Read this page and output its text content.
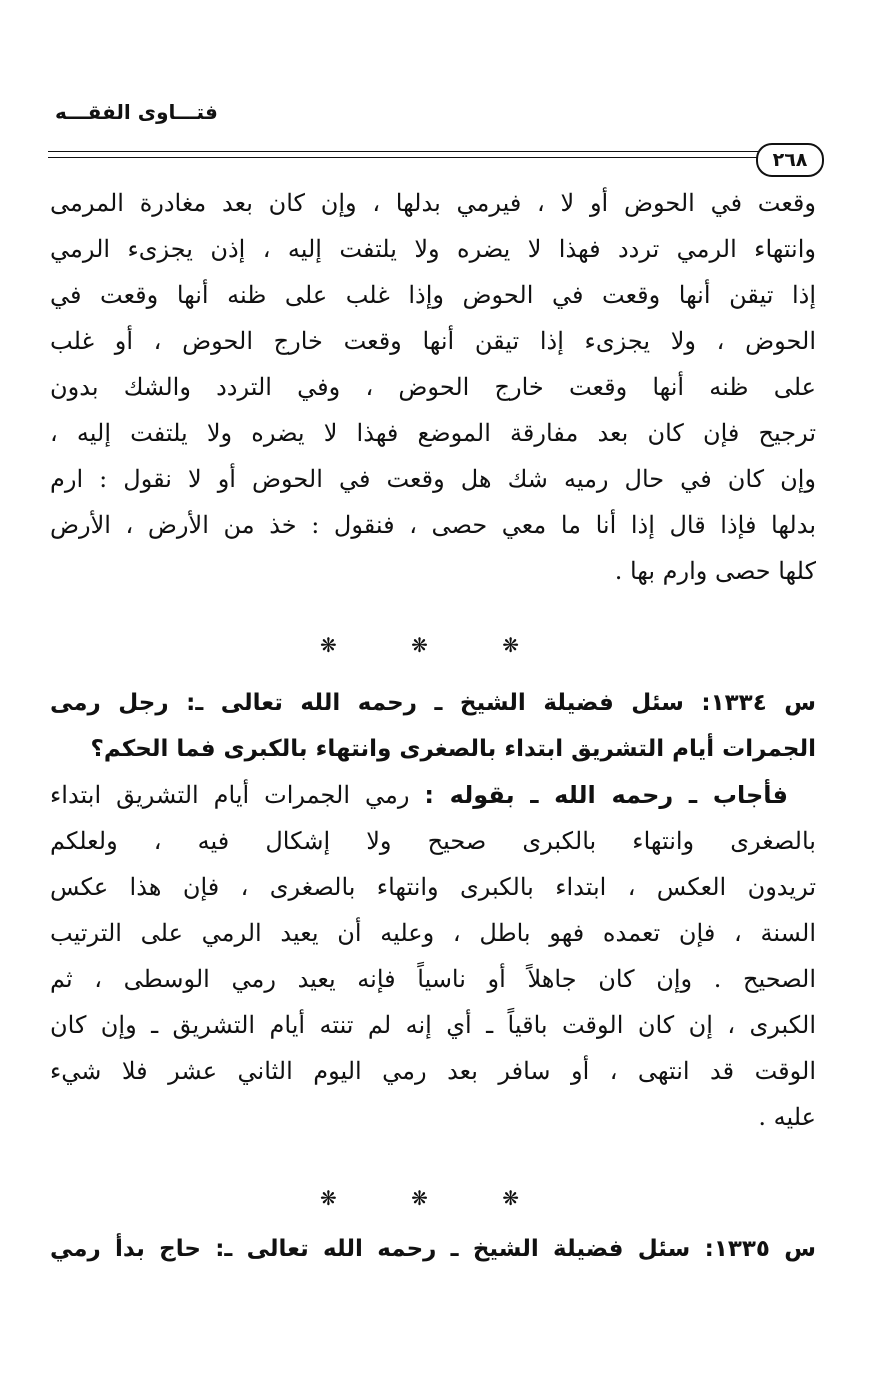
فتـــاوى الفقـــه
٢٦٨
وقعت في الحوض أو لا ، فيرمي بدلها ، وإن كان بعد مغادرة المرمى
وانتهاء الرمي تردد فهذا لا يضره ولا يلتفت إليه ، إذن يجزىء الرمي
إذا تيقن أنها وقعت في الحوض وإذا غلب على ظنه أنها وقعت في
الحوض ، ولا يجزىء إذا تيقن أنها وقعت خارج الحوض ، أو غلب
على ظنه أنها وقعت خارج الحوض ، وفي التردد والشك بدون
ترجيح فإن كان بعد مفارقة الموضع فهذا لا يضره ولا يلتفت إليه ،
وإن كان في حال رميه شك هل وقعت في الحوض أو لا نقول : ارم
بدلها فإذا قال إذا أنا ما معي حصى ، فنقول : خذ من الأرض ، الأرض
كلها حصى وارم بها .
❋ ❋ ❋
س ١٣٣٤: سئل فضيلة الشيخ ـ رحمه الله تعالى ـ: رجل رمى
الجمرات أيام التشريق ابتداء بالصغرى وانتهاء بالكبرى فما الحكم؟
فأجاب ـ رحمه الله ـ بقوله : رمي الجمرات أيام التشريق ابتداء
بالصغرى وانتهاء بالكبرى صحيح ولا إشكال فيه ، ولعلكم
تريدون العكس ، ابتداء بالكبرى وانتهاء بالصغرى ، فإن هذا عكس
السنة ، فإن تعمده فهو باطل ، وعليه أن يعيد الرمي على الترتيب
الصحيح . وإن كان جاهلاً أو ناسياً فإنه يعيد رمي الوسطى ، ثم
الكبرى ، إن كان الوقت باقياً ـ أي إنه لم تنته أيام التشريق ـ وإن كان
الوقت قد انتهى ، أو سافر بعد رمي اليوم الثاني عشر فلا شيء
عليه .
❋ ❋ ❋
س ١٣٣٥: سئل فضيلة الشيخ ـ رحمه الله تعالى ـ: حاج بدأ رمي
